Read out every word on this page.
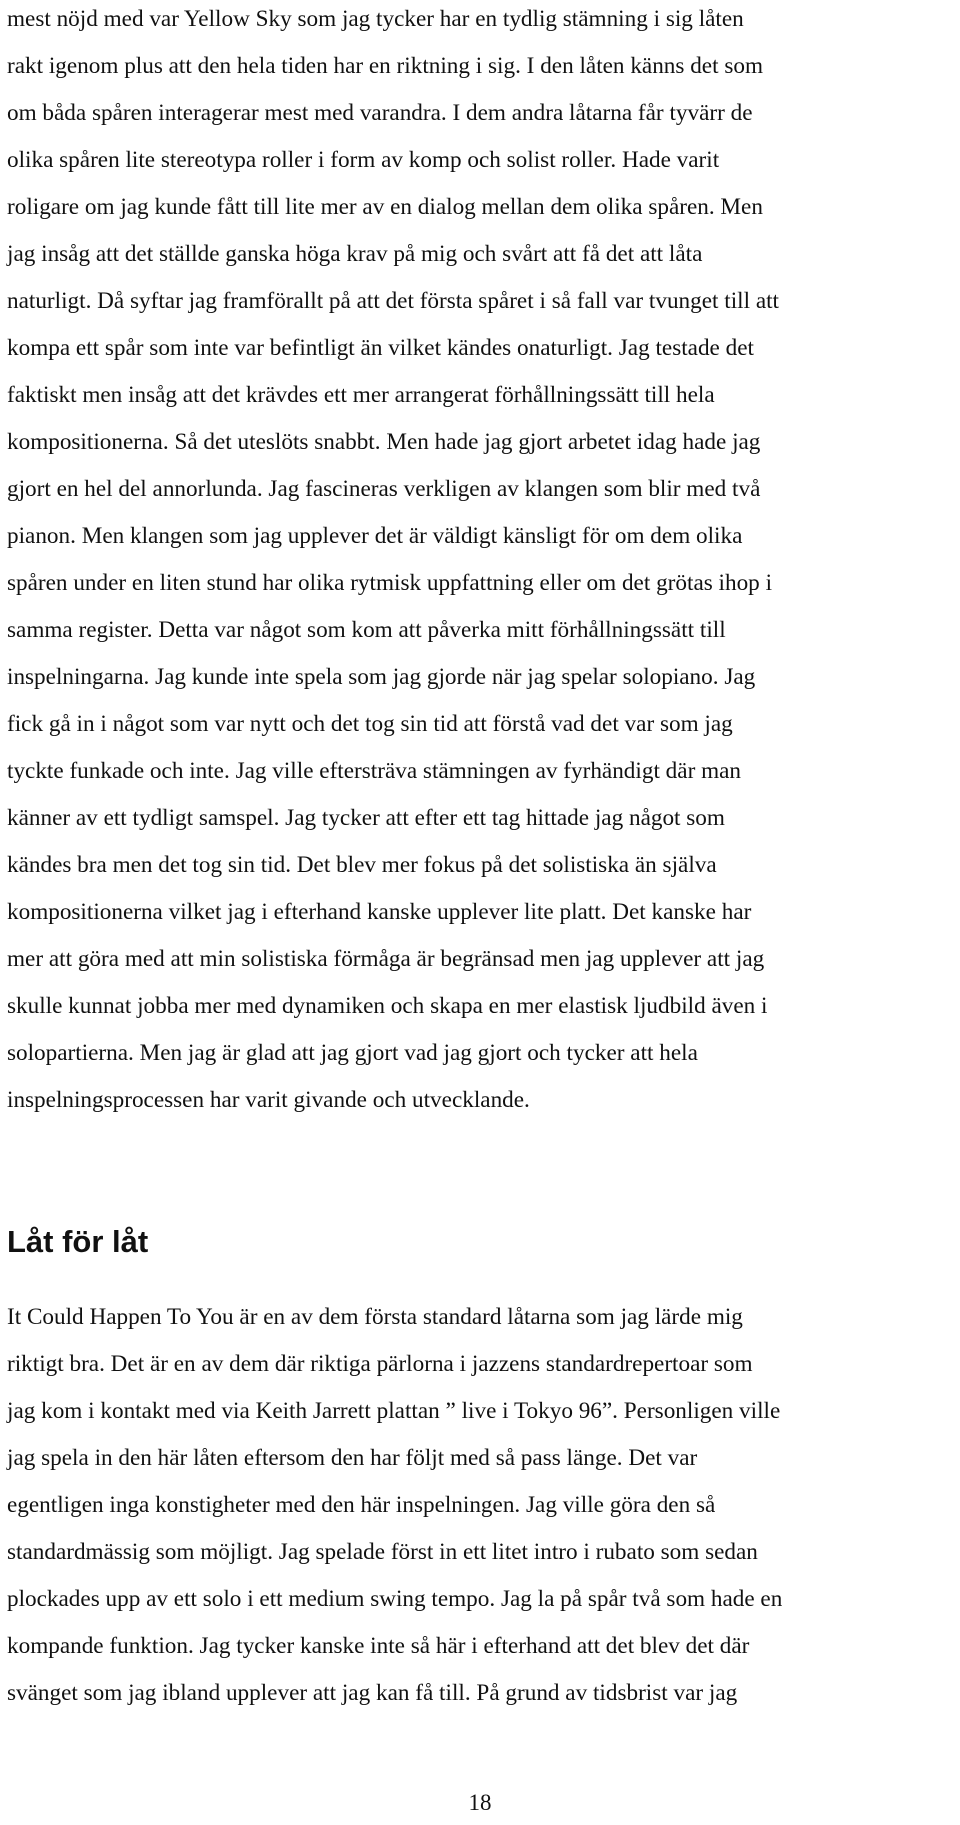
mest nöjd med var Yellow Sky som jag tycker har en tydlig stämning i sig låten
rakt igenom plus att den hela tiden har en riktning i sig. I den låten känns det som
om båda spåren interagerar mest med varandra. I dem andra låtarna får tyvärr de
olika spåren lite stereotypa roller i form av komp och solist roller. Hade varit
roligare om jag kunde fått till lite mer av en dialog mellan dem olika spåren. Men
jag insåg att det ställde ganska höga krav på mig och svårt att få det att låta
naturligt. Då syftar jag framförallt på att det första spåret i så fall var tvunget till att
kompa ett spår som inte var befintligt än vilket kändes onaturligt. Jag testade det
faktiskt men insåg att det krävdes ett mer arrangerat förhållningssätt till hela
kompositionerna. Så det uteslöts snabbt. Men hade jag gjort arbetet idag hade jag
gjort en hel del annorlunda. Jag fascineras verkligen av klangen som blir med två
pianon. Men klangen som jag upplever det är väldigt känsligt för om dem olika
spåren under en liten stund har olika rytmisk uppfattning eller om det grötas ihop i
samma register. Detta var något som kom att påverka mitt förhållningssätt till
inspelningarna. Jag kunde inte spela som jag gjorde när jag spelar solopiano. Jag
fick gå in i något som var nytt och det tog sin tid att förstå vad det var som jag
tyckte funkade och inte. Jag ville eftersträva stämningen av fyrhändigt där man
känner av ett tydligt samspel. Jag tycker att efter ett tag hittade jag något som
kändes bra men det tog sin tid. Det blev mer fokus på det solistiska än själva
kompositionerna vilket jag i efterhand kanske upplever lite platt. Det kanske har
mer att göra med att min solistiska förmåga är begränsad men jag upplever att jag
skulle kunnat jobba mer med dynamiken och skapa en mer elastisk ljudbild även i
solopartierna. Men jag är glad att jag gjort vad jag gjort och tycker att hela
inspelningsprocessen har varit givande och utvecklande.

Låt för låt

It Could Happen To You är en av dem första standard låtarna som jag lärde mig
riktigt bra. Det är en av dem där riktiga pärlorna i jazzens standardrepertoar som
jag kom i kontakt med via Keith Jarrett plattan ” live i Tokyo 96”. Personligen ville
jag spela in den här låten eftersom den har följt med så pass länge. Det var
egentligen inga konstigheter med den här inspelningen. Jag ville göra den så
standardmässig som möjligt. Jag spelade först in ett litet intro i rubato som sedan
plockades upp av ett solo i ett medium swing tempo. Jag la på spår två som hade en
kompande funktion. Jag tycker kanske inte så här i efterhand att det blev det där
svänget som jag ibland upplever att jag kan få till. På grund av tidsbrist var jag

18
